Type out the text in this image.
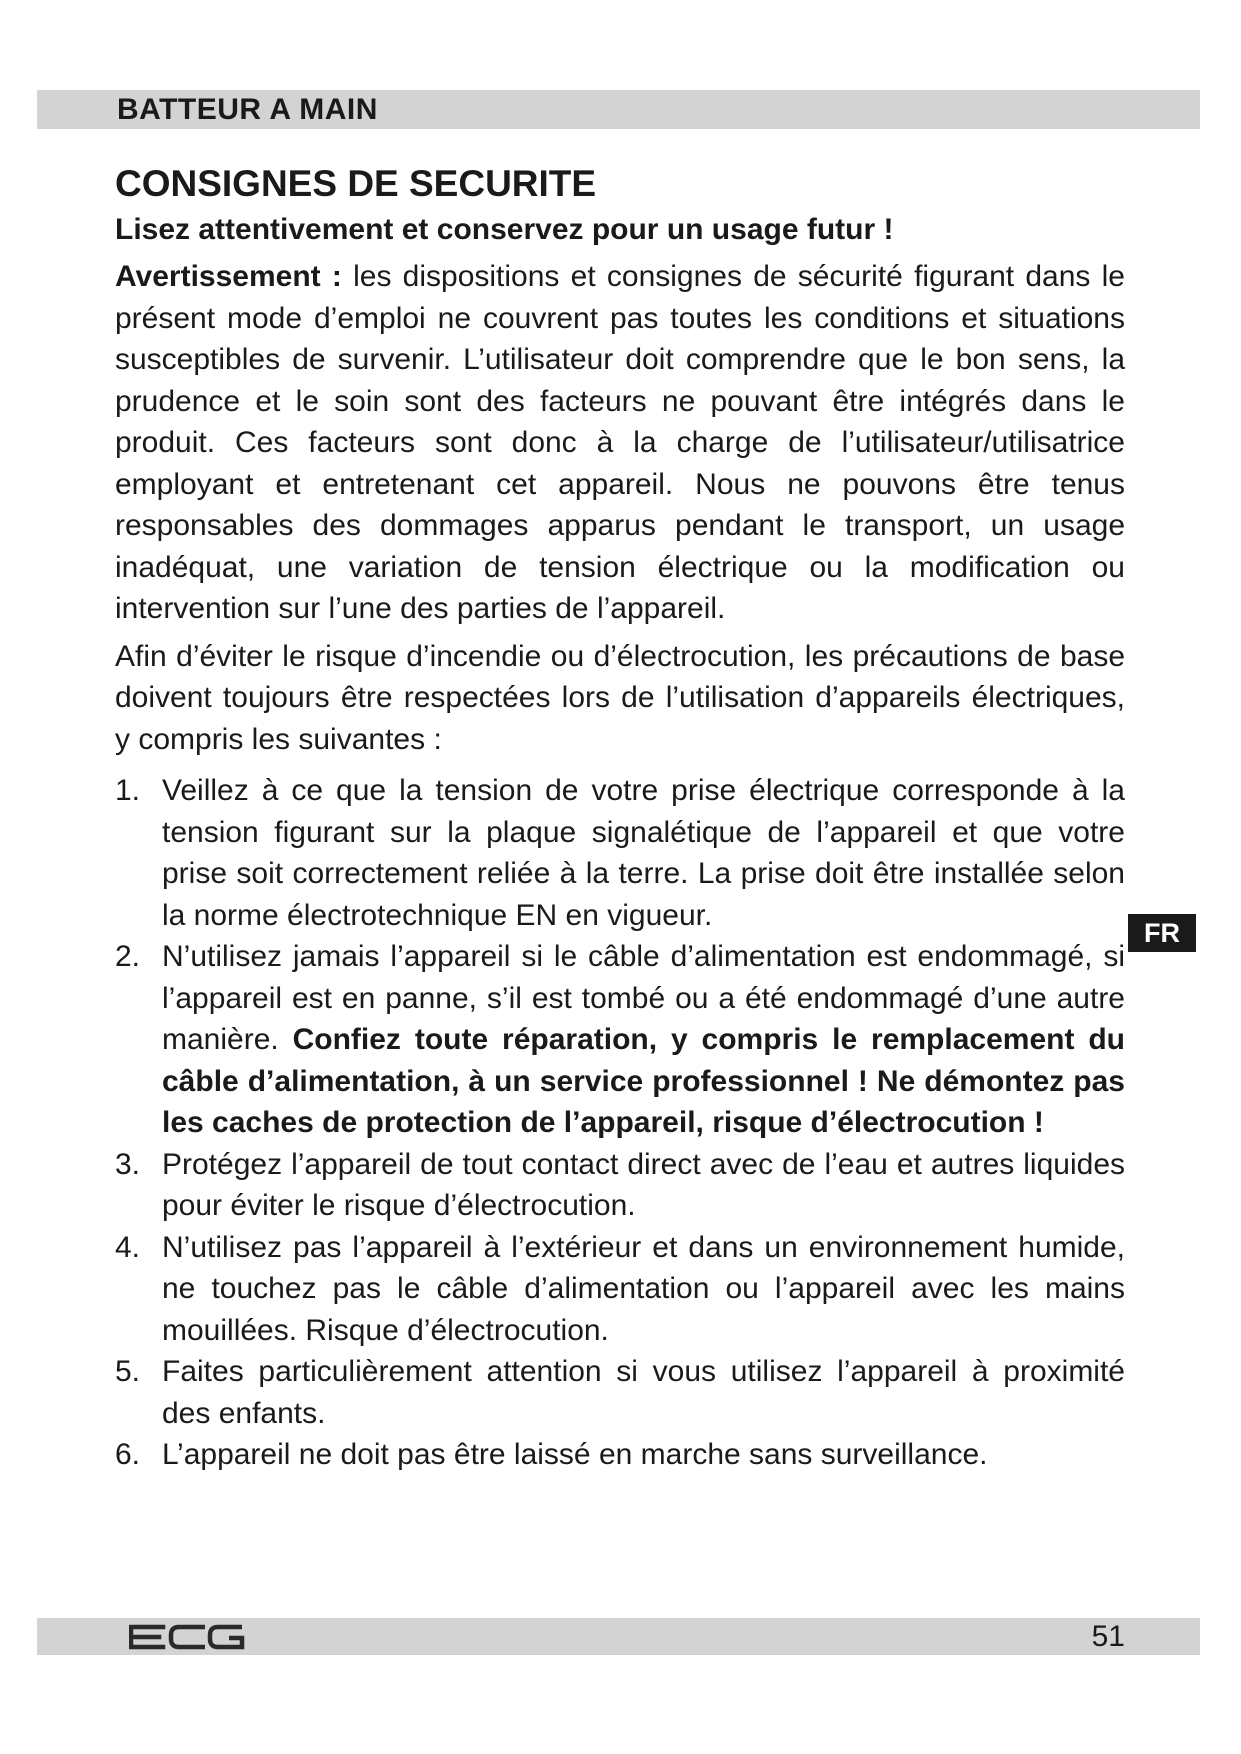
BATTEUR A MAIN
CONSIGNES DE SECURITE
Lisez attentivement et conservez pour un usage futur !

Avertissement : les dispositions et consignes de sécurité figurant dans le présent mode d’emploi ne couvrent pas toutes les conditions et situations susceptibles de survenir. L’utilisateur doit comprendre que le bon sens, la prudence et le soin sont des facteurs ne pouvant être intégrés dans le produit. Ces facteurs sont donc à la charge de l’utilisateur/utilisatrice employant et entretenant cet appareil. Nous ne pouvons être tenus responsables des dommages apparus pendant le transport, un usage inadéquat, une variation de tension électrique ou la modification ou intervention sur l’une des parties de l’appareil.

Afin d’éviter le risque d’incendie ou d’électrocution, les précautions de base doivent toujours être respectées lors de l’utilisation d’appareils électriques, y compris les suivantes :

1. Veillez à ce que la tension de votre prise électrique corresponde à la tension figurant sur la plaque signalétique de l’appareil et que votre prise soit correctement reliée à la terre. La prise doit être installée selon la norme électrotechnique EN en vigueur.
2. N’utilisez jamais l’appareil si le câble d’alimentation est endommagé, si l’appareil est en panne, s’il est tombé ou a été endommagé d’une autre manière. Confiez toute réparation, y compris le remplacement du câble d’alimentation, à un service professionnel ! Ne démontez pas les caches de protection de l’appareil, risque d’électrocution !
3. Protégez l’appareil de tout contact direct avec de l’eau et autres liquides pour éviter le risque d’électrocution.
4. N’utilisez pas l’appareil à l’extérieur et dans un environnement humide, ne touchez pas le câble d’alimentation ou l’appareil avec les mains mouillées. Risque d’électrocution.
5. Faites particulièrement attention si vous utilisez l’appareil à proximité des enfants.
6. L’appareil ne doit pas être laissé en marche sans surveillance.
FR
51
